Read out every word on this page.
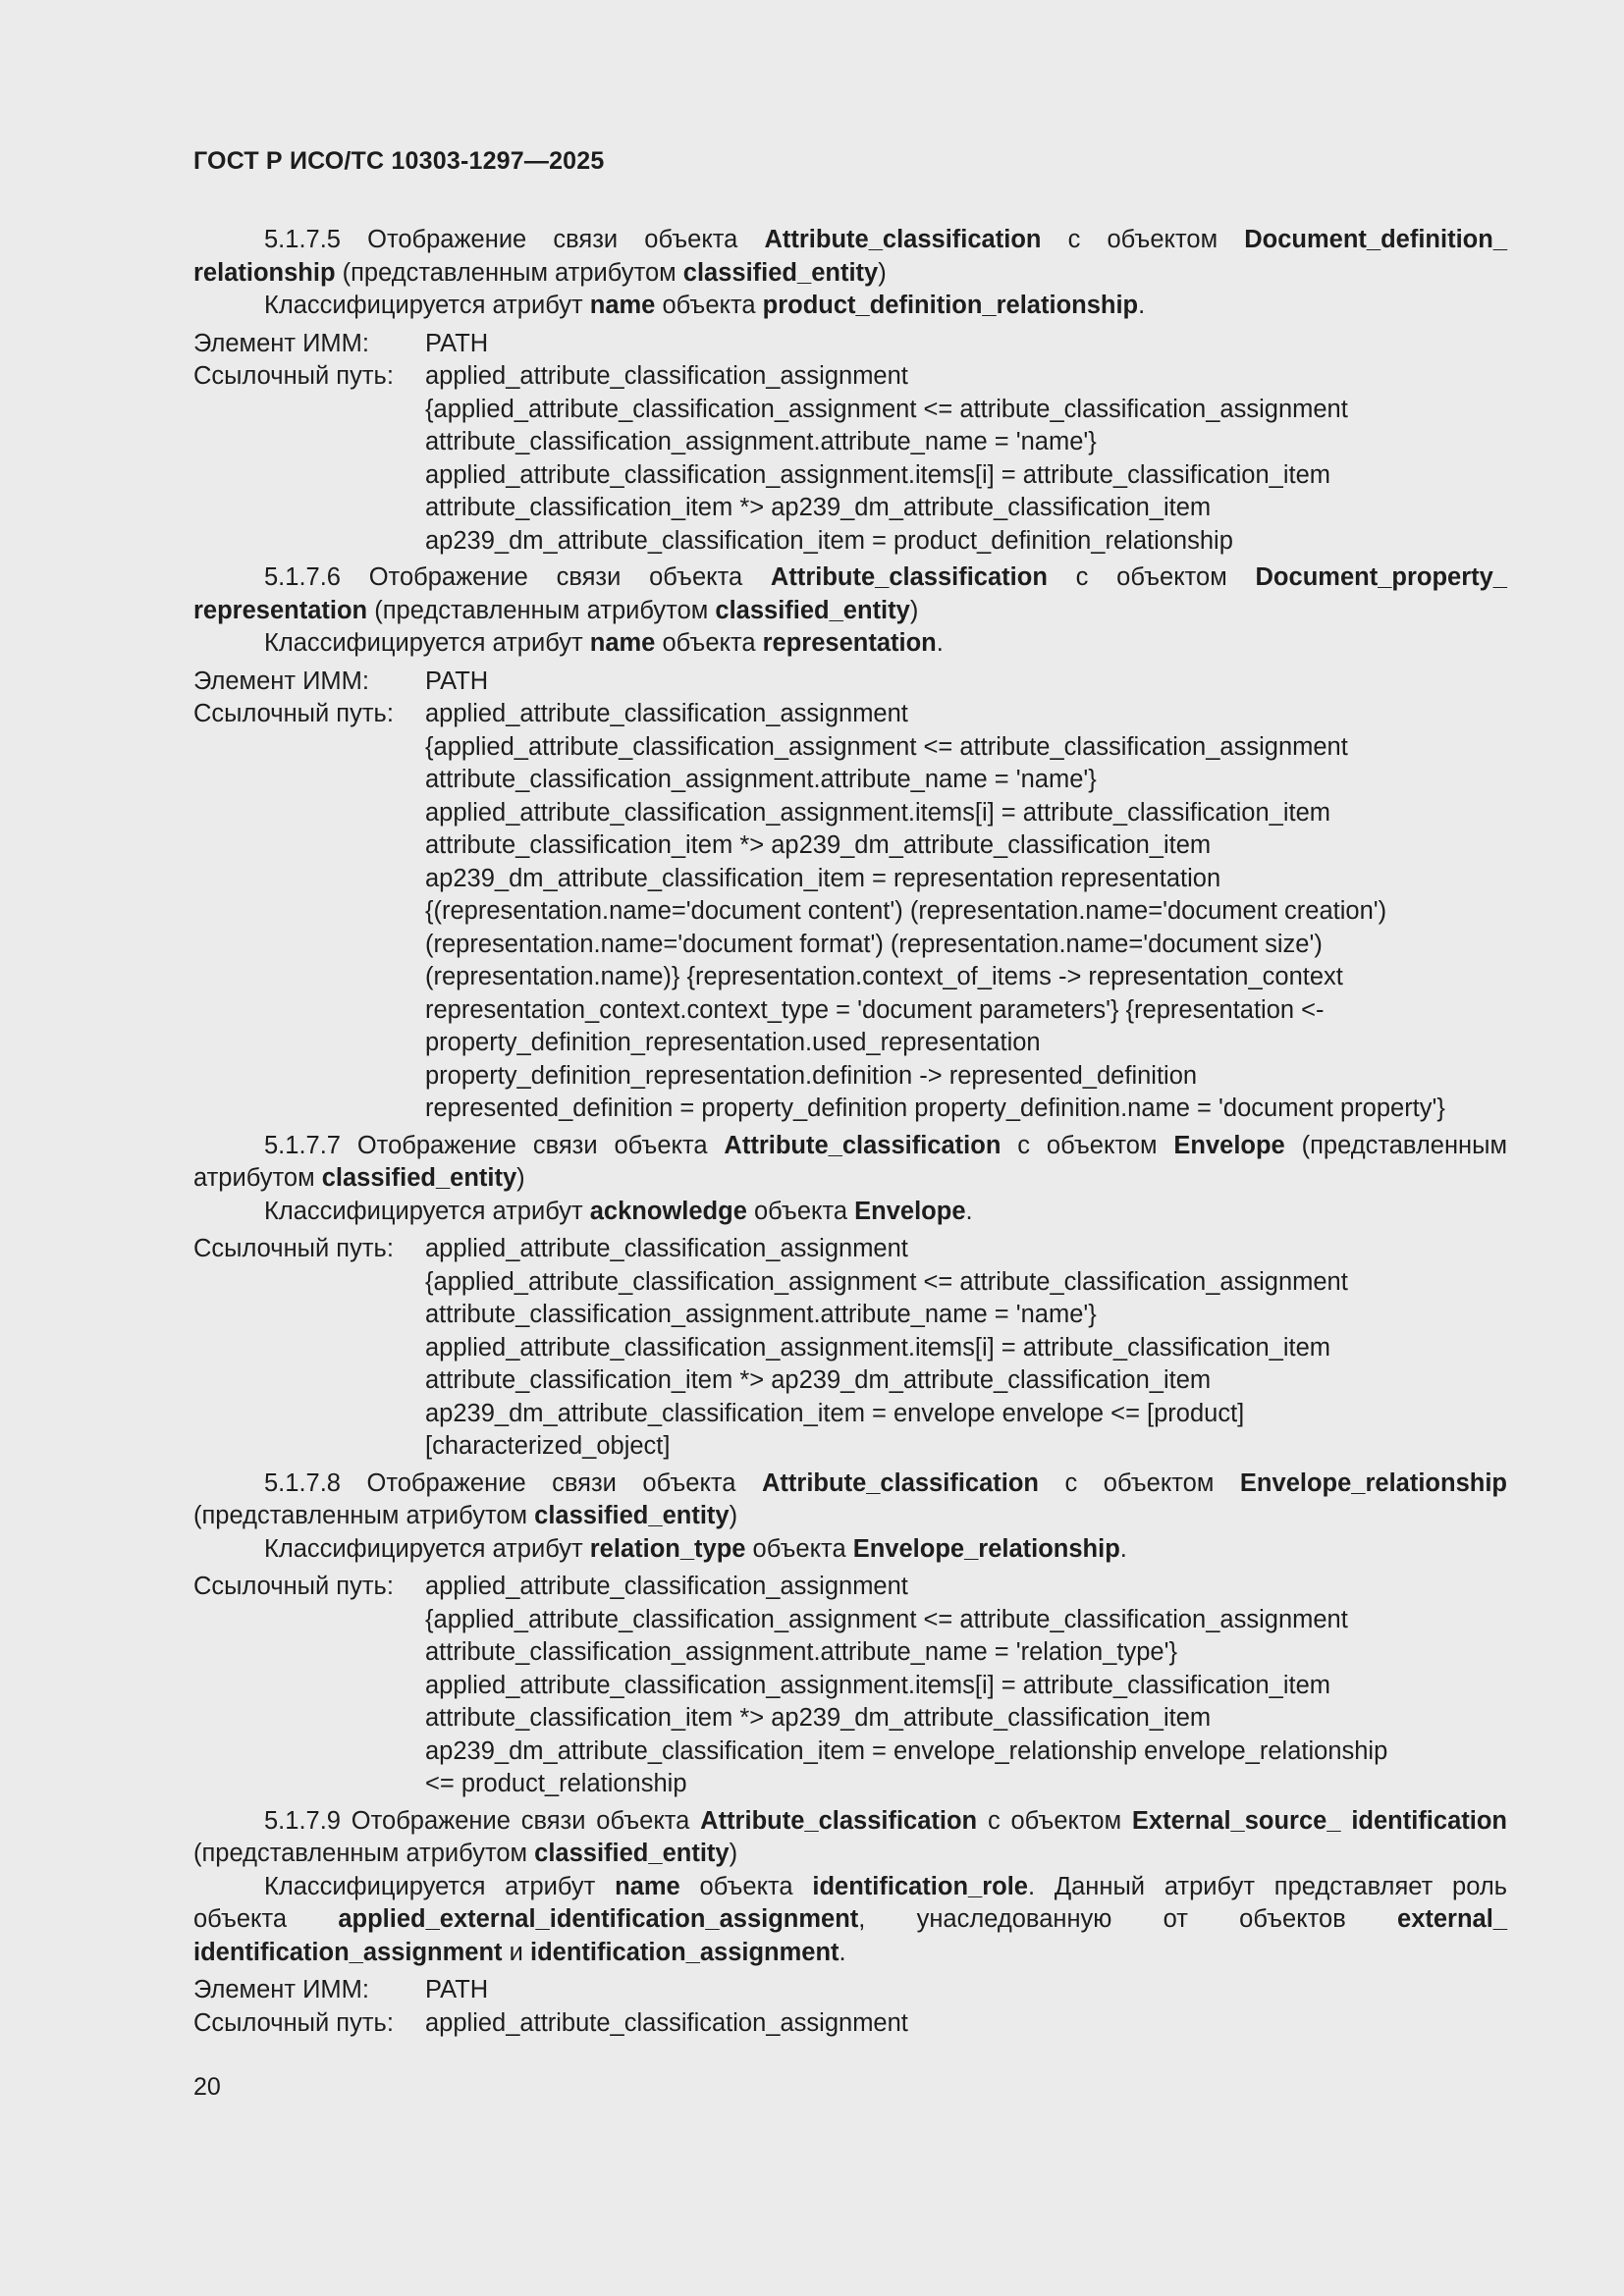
ГОСТ Р ИСО/ТС 10303-1297—2025

5.1.7.5 Отображение связи объекта Attribute_classification с объектом Document_definition_ relationship (представленным атрибутом classified_entity)

Классифицируется атрибут name объекта product_definition_relationship.

Элемент ИММ:	PATH
Ссылочный путь:	applied_attribute_classification_assignment
{applied_attribute_classification_assignment <= attribute_classification_assignment
attribute_classification_assignment.attribute_name = 'name'}
applied_attribute_classification_assignment.items[i] = attribute_classification_item
attribute_classification_item *> ap239_dm_attribute_classification_item
ap239_dm_attribute_classification_item = product_definition_relationship

5.1.7.6 Отображение связи объекта Attribute_classification с объектом Document_property_ representation (представленным атрибутом classified_entity)

Классифицируется атрибут name объекта representation.

Элемент ИММ:	PATH
Ссылочный путь:	applied_attribute_classification_assignment
{applied_attribute_classification_assignment <= attribute_classification_assignment
attribute_classification_assignment.attribute_name = 'name'}
applied_attribute_classification_assignment.items[i] = attribute_classification_item
attribute_classification_item *> ap239_dm_attribute_classification_item
ap239_dm_attribute_classification_item = representation representation
{(representation.name='document content') (representation.name='document creation')
(representation.name='document format') (representation.name='document size')
(representation.name)} {representation.context_of_items -> representation_context
representation_context.context_type = 'document parameters'} {representation <-
property_definition_representation.used_representation
property_definition_representation.definition -> represented_definition
represented_definition = property_definition property_definition.name = 'document property'}

5.1.7.7 Отображение связи объекта Attribute_classification с объектом Envelope (представленным атрибутом classified_entity)

Классифицируется атрибут acknowledge объекта Envelope.

Ссылочный путь:	applied_attribute_classification_assignment
{applied_attribute_classification_assignment <= attribute_classification_assignment
attribute_classification_assignment.attribute_name = 'name'}
applied_attribute_classification_assignment.items[i] = attribute_classification_item
attribute_classification_item *> ap239_dm_attribute_classification_item
ap239_dm_attribute_classification_item = envelope envelope <= [product]
[characterized_object]

5.1.7.8 Отображение связи объекта Attribute_classification с объектом Envelope_relationship (представленным атрибутом classified_entity)

Классифицируется атрибут relation_type объекта Envelope_relationship.

Ссылочный путь:	applied_attribute_classification_assignment
{applied_attribute_classification_assignment <= attribute_classification_assignment
attribute_classification_assignment.attribute_name = 'relation_type'}
applied_attribute_classification_assignment.items[i] = attribute_classification_item
attribute_classification_item *> ap239_dm_attribute_classification_item
ap239_dm_attribute_classification_item = envelope_relationship envelope_relationship
<= product_relationship

5.1.7.9 Отображение связи объекта Attribute_classification с объектом External_source_ identification (представленным атрибутом classified_entity)

Классифицируется атрибут name объекта identification_role. Данный атрибут представляет роль объекта applied_external_identification_assignment, унаследованную от объектов external_ identification_assignment и identification_assignment.

Элемент ИММ:	PATH
Ссылочный путь:	applied_attribute_classification_assignment
20
